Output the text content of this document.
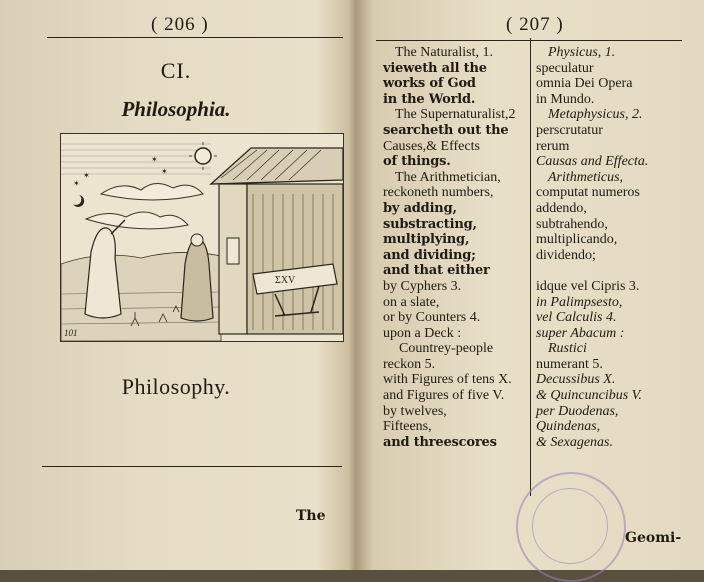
( 206 )
CI.
Philosophia.
✶
✶
✶
✶
ΣXV
101
Philosophy.
The
( 207 )
The Naturalist, 1.
vieweth all the
works of God
in the World.
The Supernaturalist,2
searcheth out the
Causes,& Effects
of things.
The Arithmetician,
reckoneth numbers,
by adding,
substracting,
multiplying,
and dividing;
and that either
by Cyphers 3.
on a slate,
or by Counters 4.
upon a Deck :
Countrey-people
reckon 5.
with Figures of tens X.
and Figures of five V.
by twelves,
Fifteens,
and threescores
Physicus, 1.
speculatur
omnia Dei Opera
in Mundo.
Metaphysicus, 2.
perscrutatur
rerum
Causas and Effecta.
Arithmeticus,
computat numeros
addendo,
subtrahendo,
multiplicando,
dividendo;
idque vel Cipris 3.
in Palimpsesto,
vel Calculis 4.
super Abacum :
Rustici
numerant 5.
Decussibus X.
& Quincuncibus V.
per Duodenas,
Quindenas,
& Sexagenas.
Geomi-
